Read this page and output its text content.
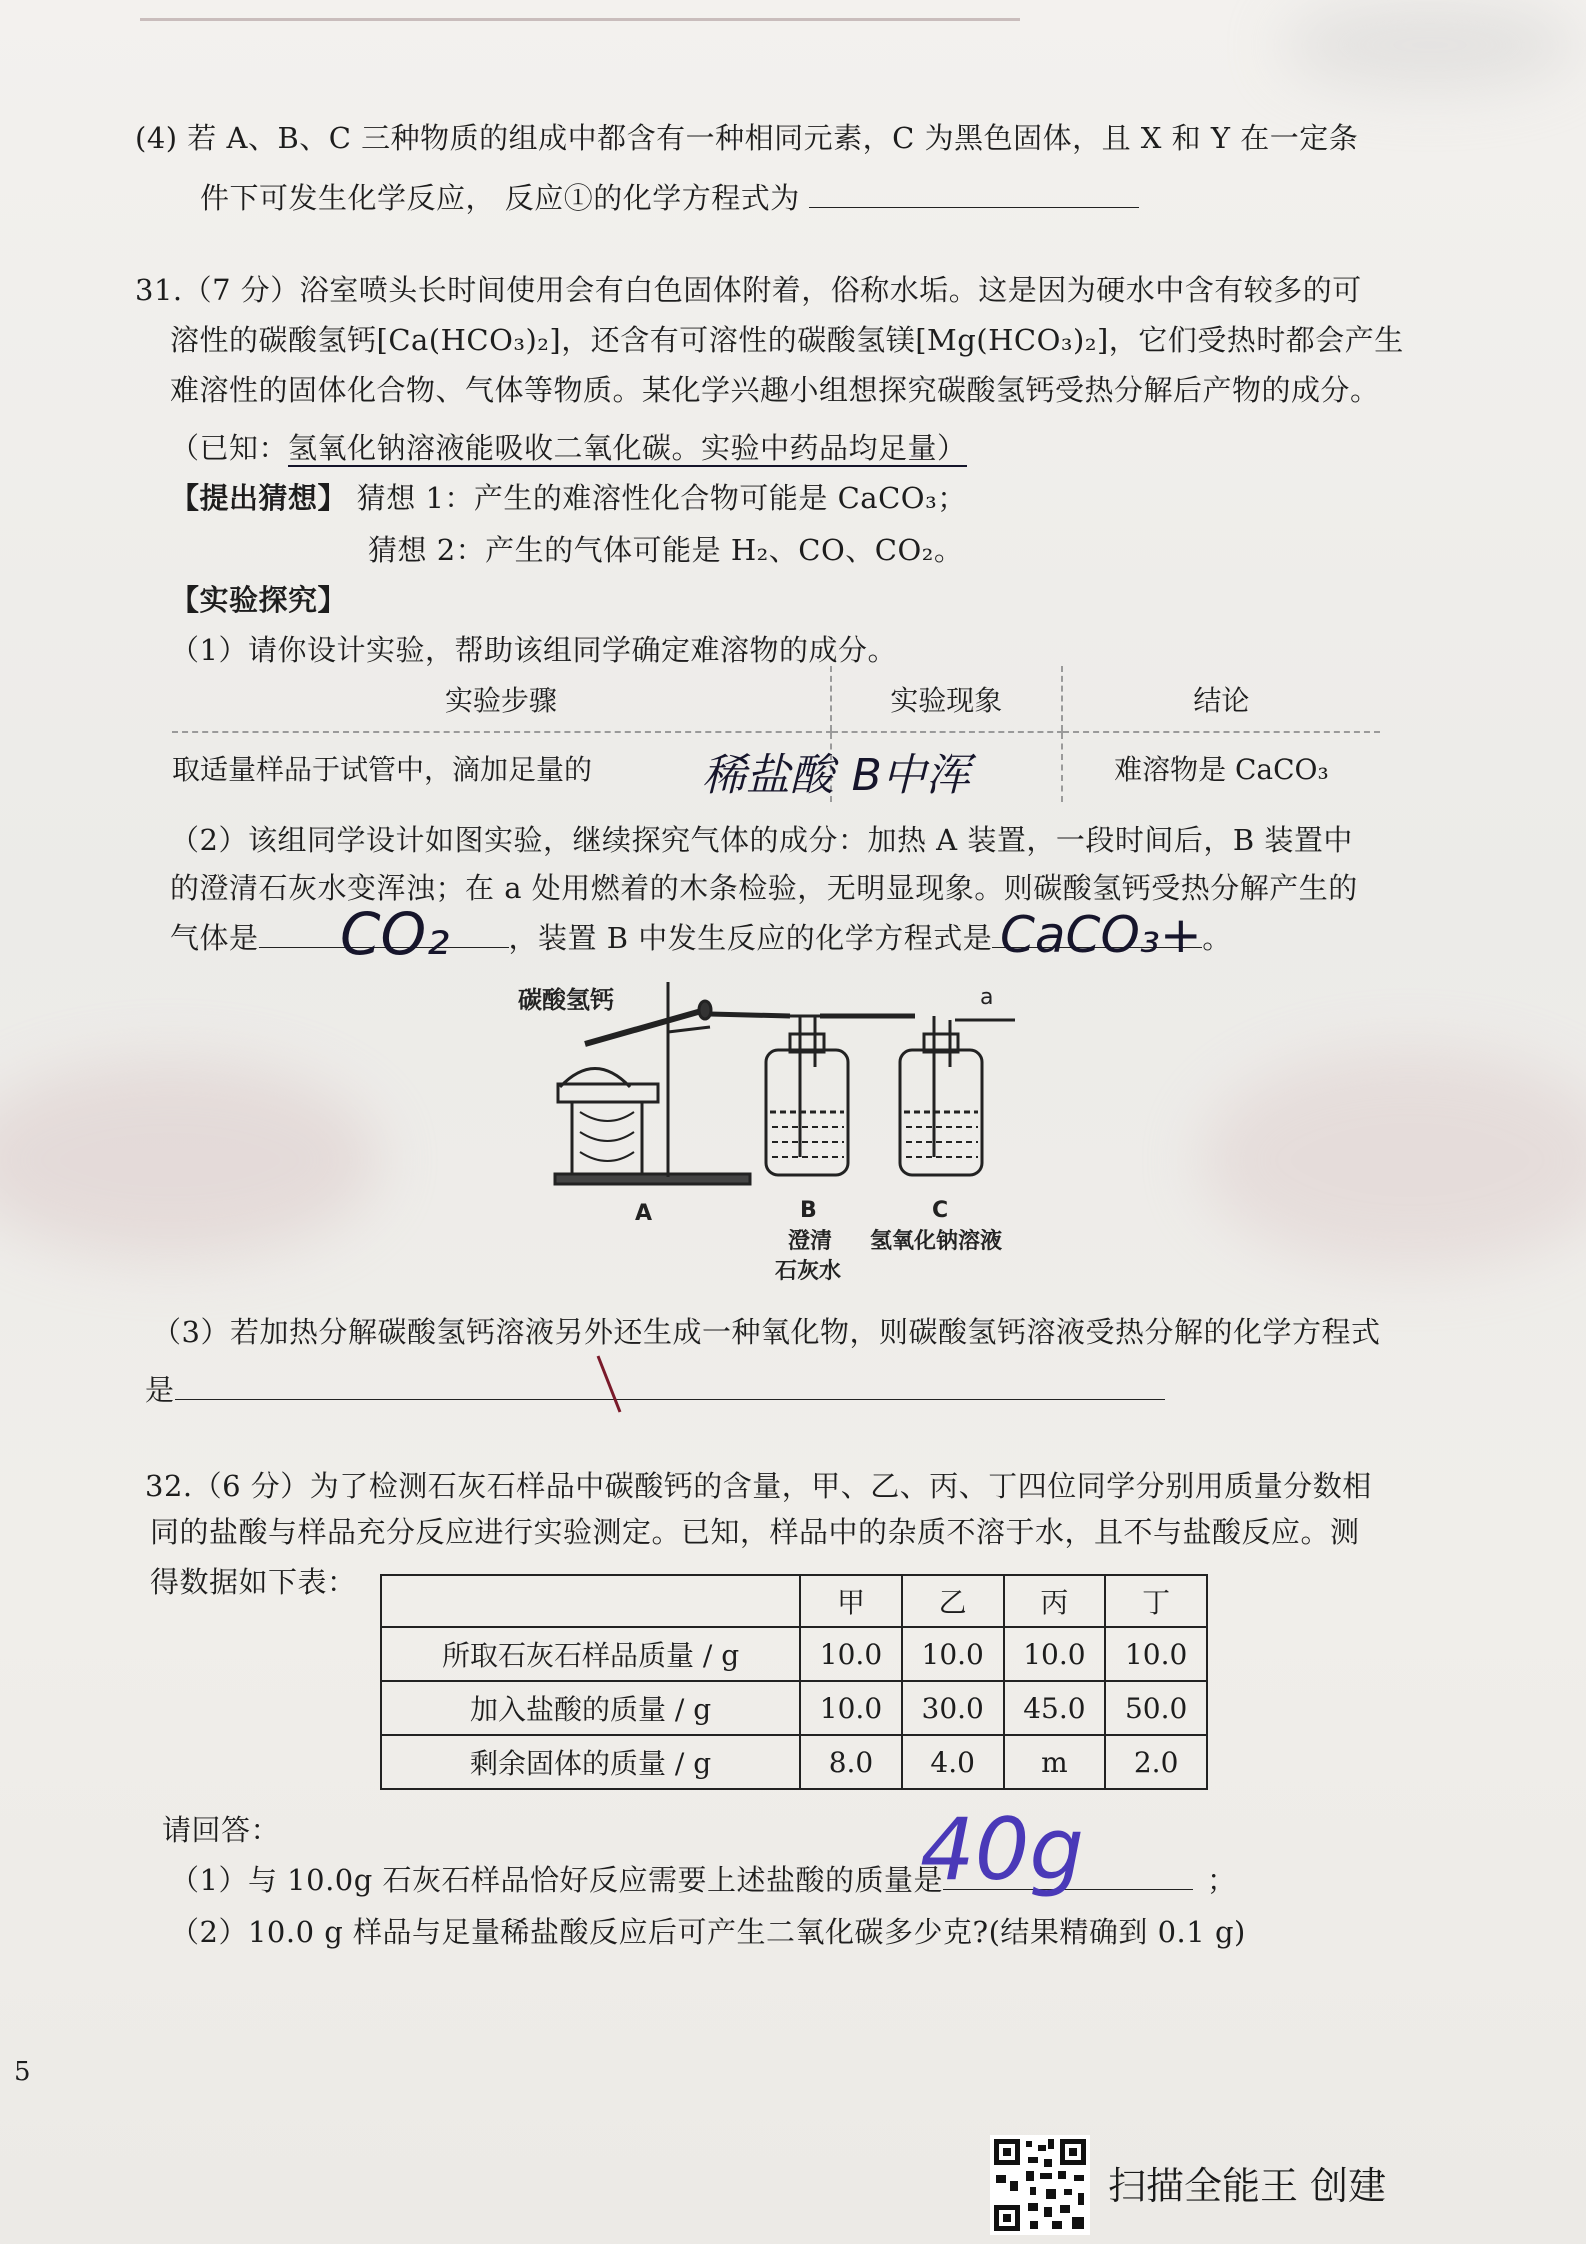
(4) 若 A、B、C 三种物质的组成中都含有一种相同元素，C 为黑色固体，且 X 和 Y 在一定条
件下可发生化学反应， 反应①的化学方程式为
31.（7 分）浴室喷头长时间使用会有白色固体附着，俗称水垢。这是因为硬水中含有较多的可
溶性的碳酸氢钙[Ca(HCO₃)₂]，还含有可溶性的碳酸氢镁[Mg(HCO₃)₂]，它们受热时都会产生
难溶性的固体化合物、气体等物质。某化学兴趣小组想探究碳酸氢钙受热分解后产物的成分。
（已知：氢氧化钠溶液能吸收二氧化碳。实验中药品均足量）
【提出猜想】 猜想 1：产生的难溶性化合物可能是 CaCO₃；
猜想 2：产生的气体可能是 H₂、CO、CO₂。
【实验探究】
（1）请你设计实验，帮助该组同学确定难溶物的成分。
实验步骤	实验现象	结论
取适量样品于试管中，滴加足量的 稀盐酸	B中浑	难溶物是 CaCO₃
（2）该组同学设计如图实验，继续探究气体的成分：加热 A 装置，一段时间后，B 装置中
的澄清石灰水变浑浊；在 a 处用燃着的木条检验，无明显现象。则碳酸氢钙受热分解产生的
气体是	，装置 B 中发生反应的化学方程式是	。
CO₂	CaCO₃+
碳酸氢钙	a
A	B	C
澄清
石灰水
氢氧化钠溶液
（3）若加热分解碳酸氢钙溶液另外还生成一种氧化物，则碳酸氢钙溶液受热分解的化学方程式
是
32.（6 分）为了检测石灰石样品中碳酸钙的含量，甲、乙、丙、丁四位同学分别用质量分数相
同的盐酸与样品充分反应进行实验测定。已知，样品中的杂质不溶于水，且不与盐酸反应。测
得数据如下表：
	甲	乙	丙	丁
所取石灰石样品质量 / g	10.0	10.0	10.0	10.0
加入盐酸的质量 / g	10.0	30.0	45.0	50.0
剩余固体的质量 / g	8.0	4.0	m	2.0
请回答：
（1）与 10.0g 石灰石样品恰好反应需要上述盐酸的质量是	；
40g
（2）10.0 g 样品与足量稀盐酸反应后可产生二氧化碳多少克?(结果精确到 0.1 g)
5
扫描全能王 创建
